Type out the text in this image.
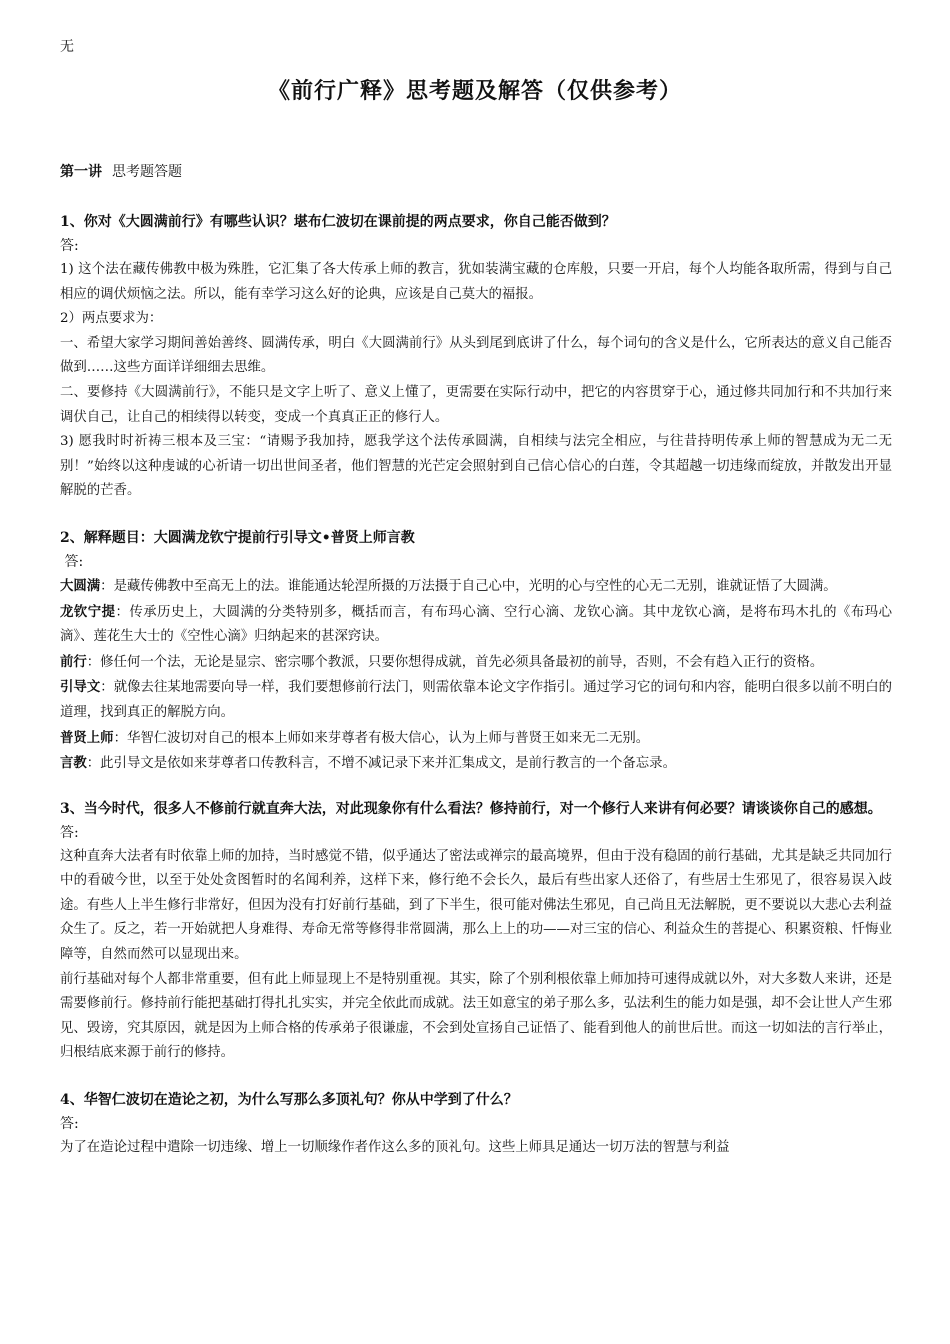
无
《前行广释》思考题及解答（仅供参考）

第一讲 思考题答题

1、你对《大圆满前行》有哪些认识？堪布仁波切在课前提的两点要求，你自己能否做到？

答:

1) 这个法在藏传佛教中极为殊胜，它汇集了各大传承上师的教言，犹如装满宝藏的仓库般，只要一开启，每个人均能各取所需，得到与自己相应的调伏烦恼之法。所以，能有幸学习这么好的论典，应该是自己莫大的福报。

2）两点要求为：

一、希望大家学习期间善始善终、圆满传承，明白《大圆满前行》从头到尾到底讲了什么，每个词句的含义是什么，它所表达的意义自己能否做到……这些方面详详细细去思维。

二、要修持《大圆满前行》，不能只是文字上听了、意义上懂了，更需要在实际行动中，把它的内容贯穿于心，通过修共同加行和不共加行来调伏自己，让自己的相续得以转变，变成一个真真正正的修行人。

3) 愿我时时祈祷三根本及三宝：“请赐予我加持，愿我学这个法传承圆满，自相续与法完全相应，与往昔持明传承上师的智慧成为无二无别！”始终以这种虔诚的心祈请一切出世间圣者，他们智慧的光芒定会照射到自己信心信心的白莲，令其超越一切违缘而绽放，并散发出开显解脱的芒香。

2、解释题目：大圆满龙钦宁提前行引导文•普贤上师言教

答:

大圆满：是藏传佛教中至高无上的法。谁能通达轮涅所摄的万法摄于自己心中，光明的心与空性的心无二无别，谁就证悟了大圆满。

龙钦宁提：传承历史上，大圆满的分类特别多，概括而言，有布玛心滴、空行心滴、龙钦心滴。其中龙钦心滴，是将布玛木扎的《布玛心滴》、莲花生大士的《空性心滴》归纳起来的甚深窍诀。

前行：修任何一个法，无论是显宗、密宗哪个教派，只要你想得成就，首先必须具备最初的前导，否则，不会有趋入正行的资格。

引导文：就像去往某地需要向导一样，我们要想修前行法门，则需依靠本论文字作指引。通过学习它的词句和内容，能明白很多以前不明白的道理，找到真正的解脱方向。

普贤上师：华智仁波切对自己的根本上师如来芽尊者有极大信心，认为上师与普贤王如来无二无别。

言教：此引导文是依如来芽尊者口传教科言，不增不减记录下来并汇集成文，是前行教言的一个备忘录。

3、当今时代，很多人不修前行就直奔大法，对此现象你有什么看法？修持前行，对一个修行人来讲有何必要？请谈谈你自己的感想。

答:

这种直奔大法者有时依靠上师的加持，当时感觉不错，似乎通达了密法或禅宗的最高境界，但由于没有稳固的前行基础，尤其是缺乏共同加行中的看破今世，以至于处处贪图暂时的名闻利养，这样下来，修行绝不会长久，最后有些出家人还俗了，有些居士生邪见了，很容易误入歧途。有些人上半生修行非常好，但因为没有打好前行基础，到了下半生，很可能对佛法生邪见，自己尚且无法解脱，更不要说以大悲心去利益众生了。反之，若一开始就把人身难得、寿命无常等修得非常圆满，那么上上的功——对三宝的信心、利益众生的菩提心、积累资粮、忏悔业障等，自然而然可以显现出来。

前行基础对每个人都非常重要，但有此上师显现上不是特别重视。其实，除了个别利根依靠上师加持可速得成就以外，对大多数人来讲，还是需要修前行。修持前行能把基础打得扎扎实实，并完全依此而成就。法王如意宝的弟子那么多，弘法利生的能力如是强，却不会让世人产生邪见、毁谤，究其原因，就是因为上师合格的传承弟子很谦虚，不会到处宣扬自己证悟了、能看到他人的前世后世。而这一切如法的言行举止，归根结底来源于前行的修持。

4、华智仁波切在造论之初，为什么写那么多顶礼句？你从中学到了什么？

答:

为了在造论过程中遣除一切违缘、增上一切顺缘作者作这么多的顶礼句。这些上师具足通达一切万法的智慧与利益
